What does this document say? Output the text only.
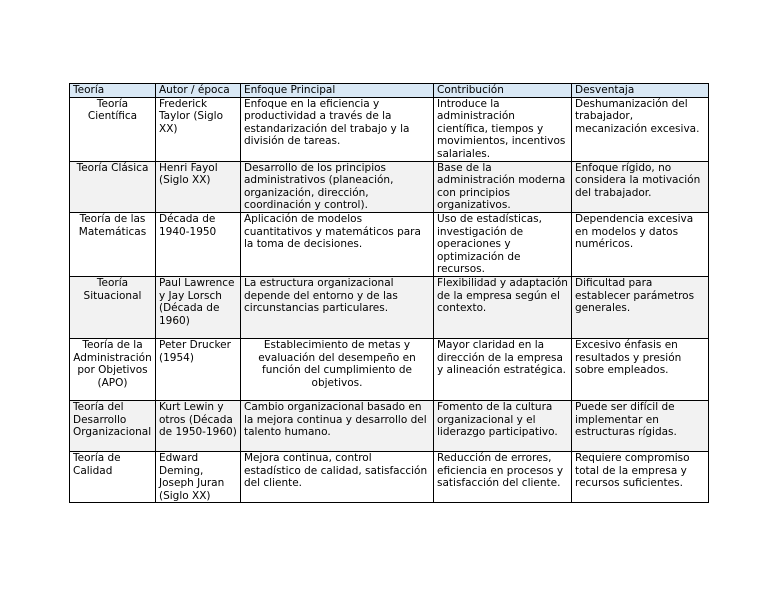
Teoría	Autor / época	Enfoque Principal	Contribución	Desventaja
Teoría Científica	Frederick Taylor (Siglo XX)	Enfoque en la eficiencia y productividad a través de la estandarización del trabajo y la división de tareas.	Introduce la administración científica, tiempos y movimientos, incentivos salariales.	Deshumanización del trabajador, mecanización excesiva.
Teoría Clásica	Henri Fayol (Siglo XX)	Desarrollo de los principios administrativos (planeación, organización, dirección, coordinación y control).	Base de la administración moderna con principios organizativos.	Enfoque rígido, no considera la motivación del trabajador.
Teoría de las Matemáticas	Década de 1940-1950	Aplicación de modelos cuantitativos y matemáticos para la toma de decisiones.	Uso de estadísticas, investigación de operaciones y optimización de recursos.	Dependencia excesiva en modelos y datos numéricos.
Teoría Situacional	Paul Lawrence y Jay Lorsch (Década de 1960)	La estructura organizacional depende del entorno y de las circunstancias particulares.	Flexibilidad y adaptación de la empresa según el contexto.	Dificultad para establecer parámetros generales.
Teoría de la Administración por Objetivos (APO)	Peter Drucker (1954)	Establecimiento de metas y evaluación del desempeño en función del cumplimiento de objetivos.	Mayor claridad en la dirección de la empresa y alineación estratégica.	Excesivo énfasis en resultados y presión sobre empleados.
Teoría del Desarrollo Organizacional	Kurt Lewin y otros (Década de 1950-1960)	Cambio organizacional basado en la mejora continua y desarrollo del talento humano.	Fomento de la cultura organizacional y el liderazgo participativo.	Puede ser difícil de implementar en estructuras rígidas.
Teoría de Calidad	Edward Deming, Joseph Juran (Siglo XX)	Mejora continua, control estadístico de calidad, satisfacción del cliente.	Reducción de errores, eficiencia en procesos y satisfacción del cliente.	Requiere compromiso total de la empresa y recursos suficientes.
